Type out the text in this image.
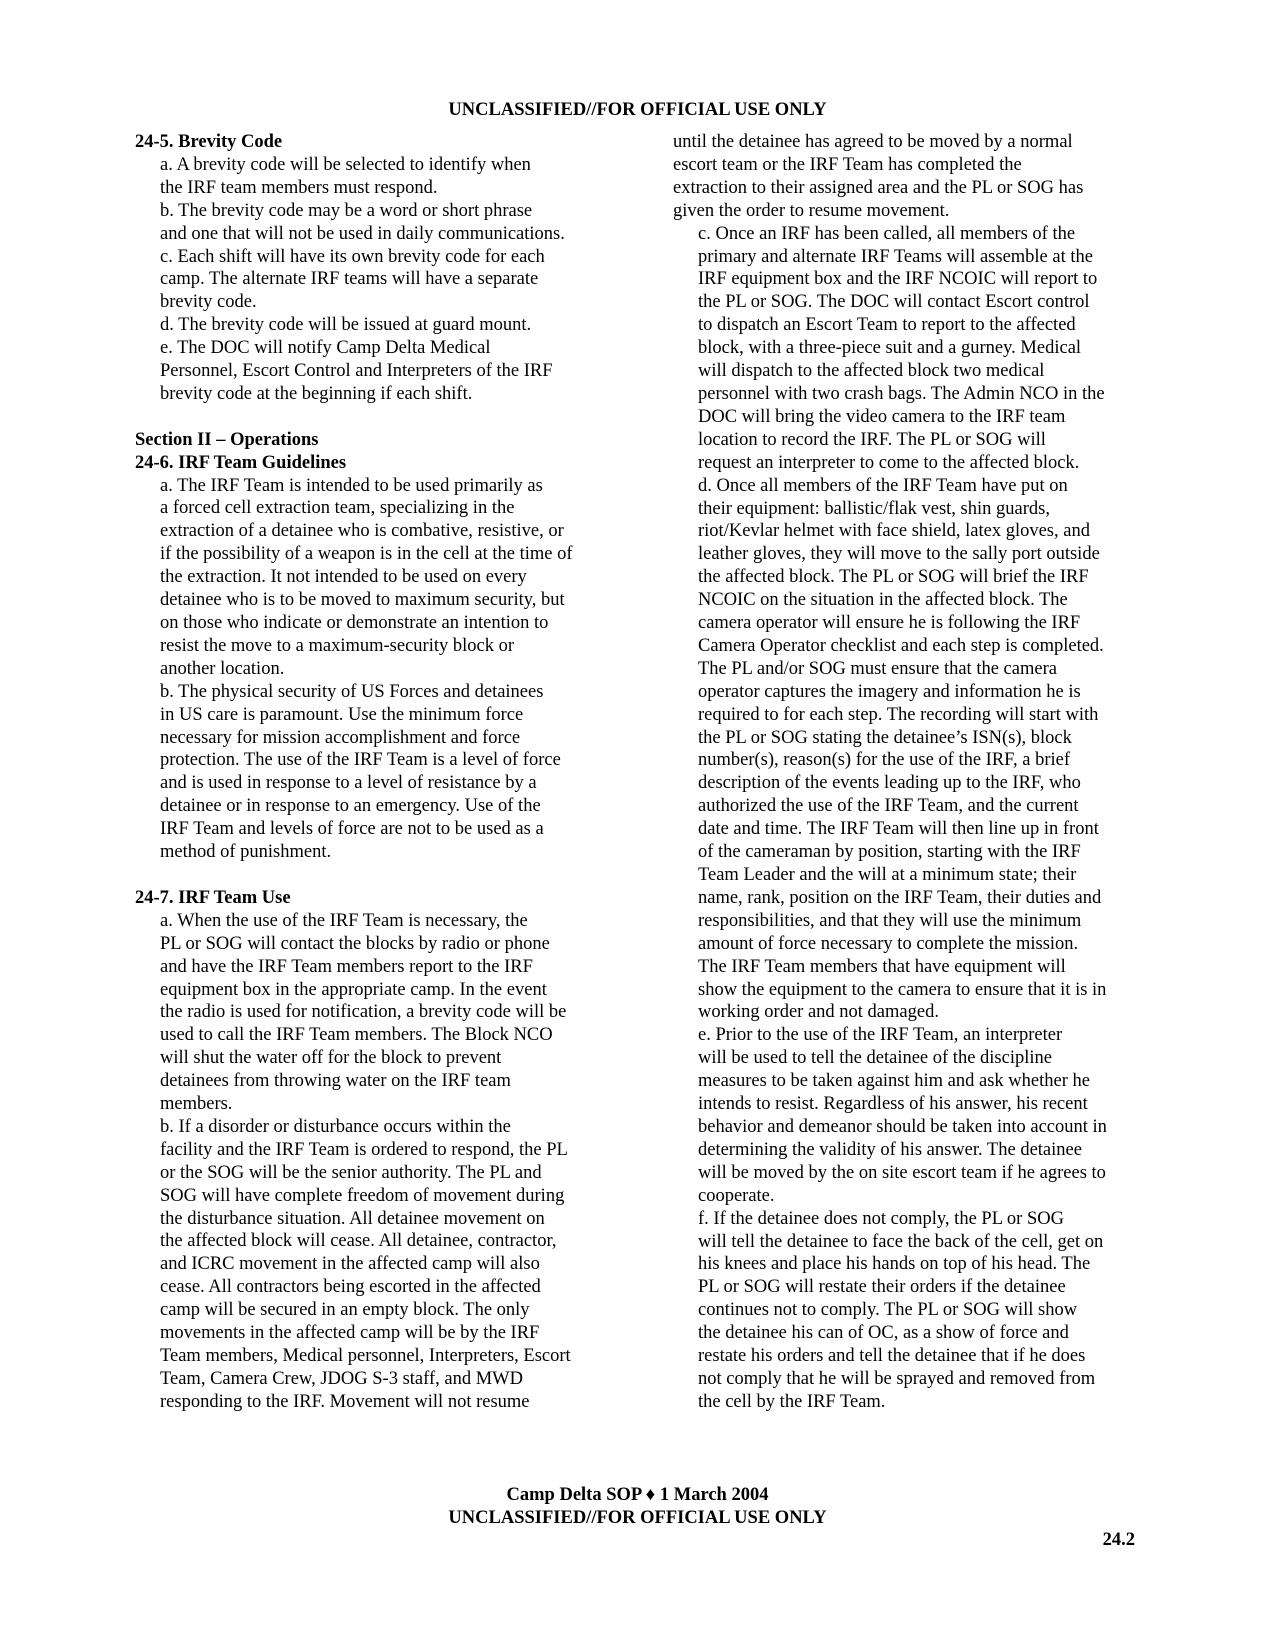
UNCLASSIFIED//FOR OFFICIAL USE ONLY

24-5. Brevity Code

a. A brevity code will be selected to identify when
the IRF team members must respond.

b. The brevity code may be a word or short phrase
and one that will not be used in daily communications.

c. Each shift will have its own brevity code for each
camp. The alternate IRF teams will have a separate
brevity code.

d. The brevity code will be issued at guard mount.

e. The DOC will notify Camp Delta Medical
Personnel, Escort Control and Interpreters of the IRF
brevity code at the beginning if each shift.

Section II – Operations

24-6. IRF Team Guidelines

a. The IRF Team is intended to be used primarily as
a forced cell extraction team, specializing in the
extraction of a detainee who is combative, resistive, or
if the possibility of a weapon is in the cell at the time of
the extraction. It not intended to be used on every
detainee who is to be moved to maximum security, but
on those who indicate or demonstrate an intention to
resist the move to a maximum-security block or
another location.

b. The physical security of US Forces and detainees
in US care is paramount. Use the minimum force
necessary for mission accomplishment and force
protection. The use of the IRF Team is a level of force
and is used in response to a level of resistance by a
detainee or in response to an emergency. Use of the
IRF Team and levels of force are not to be used as a
method of punishment.

24-7. IRF Team Use

a. When the use of the IRF Team is necessary, the
PL or SOG will contact the blocks by radio or phone
and have the IRF Team members report to the IRF
equipment box in the appropriate camp. In the event
the radio is used for notification, a brevity code will be
used to call the IRF Team members. The Block NCO
will shut the water off for the block to prevent
detainees from throwing water on the IRF team
members.

b. If a disorder or disturbance occurs within the
facility and the IRF Team is ordered to respond, the PL
or the SOG will be the senior authority. The PL and
SOG will have complete freedom of movement during
the disturbance situation. All detainee movement on
the affected block will cease. All detainee, contractor,
and ICRC movement in the affected camp will also
cease. All contractors being escorted in the affected
camp will be secured in an empty block. The only
movements in the affected camp will be by the IRF
Team members, Medical personnel, Interpreters, Escort
Team, Camera Crew, JDOG S-3 staff, and MWD
responding to the IRF. Movement will not resume

until the detainee has agreed to be moved by a normal
escort team or the IRF Team has completed the
extraction to their assigned area and the PL or SOG has
given the order to resume movement.

c. Once an IRF has been called, all members of the
primary and alternate IRF Teams will assemble at the
IRF equipment box and the IRF NCOIC will report to
the PL or SOG. The DOC will contact Escort control
to dispatch an Escort Team to report to the affected
block, with a three-piece suit and a gurney. Medical
will dispatch to the affected block two medical
personnel with two crash bags. The Admin NCO in the
DOC will bring the video camera to the IRF team
location to record the IRF. The PL or SOG will
request an interpreter to come to the affected block.

d. Once all members of the IRF Team have put on
their equipment: ballistic/flak vest, shin guards,
riot/Kevlar helmet with face shield, latex gloves, and
leather gloves, they will move to the sally port outside
the affected block. The PL or SOG will brief the IRF
NCOIC on the situation in the affected block. The
camera operator will ensure he is following the IRF
Camera Operator checklist and each step is completed.
The PL and/or SOG must ensure that the camera
operator captures the imagery and information he is
required to for each step. The recording will start with
the PL or SOG stating the detainee’s ISN(s), block
number(s), reason(s) for the use of the IRF, a brief
description of the events leading up to the IRF, who
authorized the use of the IRF Team, and the current
date and time. The IRF Team will then line up in front
of the cameraman by position, starting with the IRF
Team Leader and the will at a minimum state; their
name, rank, position on the IRF Team, their duties and
responsibilities, and that they will use the minimum
amount of force necessary to complete the mission.
The IRF Team members that have equipment will
show the equipment to the camera to ensure that it is in
working order and not damaged.

e. Prior to the use of the IRF Team, an interpreter
will be used to tell the detainee of the discipline
measures to be taken against him and ask whether he
intends to resist. Regardless of his answer, his recent
behavior and demeanor should be taken into account in
determining the validity of his answer. The detainee
will be moved by the on site escort team if he agrees to
cooperate.

f. If the detainee does not comply, the PL or SOG
will tell the detainee to face the back of the cell, get on
his knees and place his hands on top of his head. The
PL or SOG will restate their orders if the detainee
continues not to comply. The PL or SOG will show
the detainee his can of OC, as a show of force and
restate his orders and tell the detainee that if he does
not comply that he will be sprayed and removed from
the cell by the IRF Team.

Camp Delta SOP ♦ 1 March 2004
UNCLASSIFIED//FOR OFFICIAL USE ONLY
24.2
